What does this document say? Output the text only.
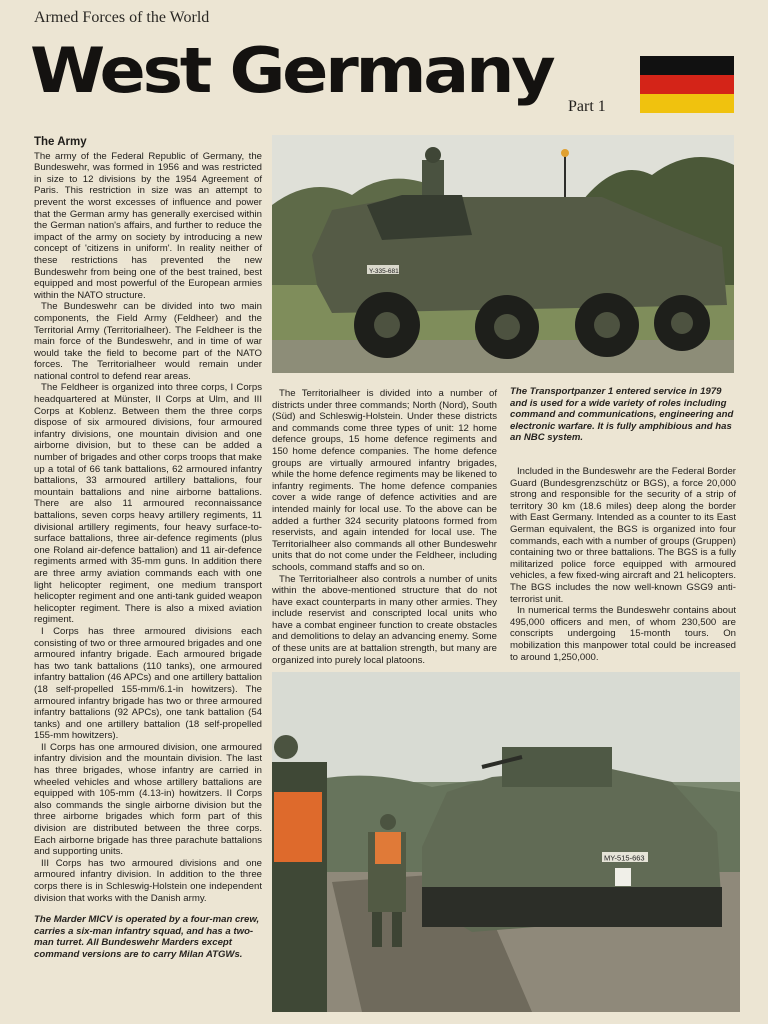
Armed Forces of the World
West Germany Part 1
Y-335-681
The Transportpanzer 1 entered service in 1979 and is used for a wide variety of roles including command and communications, engineering and electronic warfare. It is fully amphibious and has an NBC system.
The Army

The army of the Federal Republic of Germany, the Bundeswehr, was formed in 1956 and was restricted in size to 12 divisions by the 1954 Agreement of Paris. This restriction in size was an attempt to prevent the worst excesses of influence and power that the German army has generally exercised within the German nation's affairs, and further to reduce the impact of the army on society by introducing a new concept of 'citizens in uniform'. In reality neither of these restrictions has prevented the new Bundeswehr from being one of the best trained, best equipped and most powerful of the European armies within the NATO structure.

The Bundeswehr can be divided into two main components, the Field Army (Feldheer) and the Territorial Army (Territorialheer). The Feldheer is the main force of the Bundeswehr, and in time of war would take the field to become part of the NATO forces. The Territorialheer would remain under national control to defend rear areas.

The Feldheer is organized into three corps, I Corps headquartered at Münster, II Corps at Ulm, and III Corps at Koblenz. Between them the three corps dispose of six armoured divisions, four armoured infantry divisions, one mountain division and one airborne division, but to these can be added a number of brigades and other corps troops that make up a total of 66 tank battalions, 62 armoured infantry battalions, 33 armoured artillery battalions, four mountain battalions and nine airborne battalions. There are also 11 armoured reconnaissance battalions, seven corps heavy artillery regiments, 11 divisional artillery regiments, four heavy surface-to-surface battalions, three air-defence regiments (plus one Roland air-defence battalion) and 11 air-defence regiments armed with 35-mm guns. In addition there are three army aviation commands each with one light helicopter regiment, one medium transport helicopter regiment and one anti-tank guided weapon helicopter regiment. There is also a mixed aviation regiment.

I Corps has three armoured divisions each consisting of two or three armoured brigades and one armoured infantry brigade. Each armoured brigade has two tank battalions (110 tanks), one armoured infantry battalion (46 APCs) and one artillery battalion (18 self-propelled 155-mm/6.1-in howitzers). The armoured infantry brigade has two or three armoured infantry battalions (92 APCs), one tank battalion (54 tanks) and one artillery battalion (18 self-propelled 155-mm howitzers).

II Corps has one armoured division, one armoured infantry division and the mountain division. The last has three brigades, whose infantry are carried in wheeled vehicles and whose artillery battalions are equipped with 105-mm (4.13-in) howitzers. II Corps also commands the single airborne division but the three airborne brigades which form part of this division are distributed between the three corps. Each airborne brigade has three parachute battalions and supporting units.

III Corps has two armoured divisions and one armoured infantry division. In addition to the three corps there is in Schleswig-Holstein one independent division that works with the Danish army.

The Territorialheer is divided into a number of districts under three commands; North (Nord), South (Süd) and Schleswig-Holstein. Under these districts and commands come three types of unit: 12 home defence groups, 15 home defence regiments and 150 home defence companies. The home defence groups are virtually armoured infantry brigades, while the home defence regiments may be likened to infantry regiments. The home defence companies cover a wide range of defence activities and are intended mainly for local use. To the above can be added a further 324 security platoons formed from reservists, and again intended for local use. The Territorialheer also commands all other Bundeswehr units that do not come under the Feldheer, including schools, command staffs and so on.

The Territorialheer also controls a number of units within the above-mentioned structure that do not have exact counterparts in many other armies. They include reservist and conscripted local units who have a combat engineer function to create obstacles and demolitions to delay an advancing enemy. Some of these units are at battalion strength, but many are organized into purely local platoons.

Included in the Bundeswehr are the Federal Border Guard (Bundesgrenzschütz or BGS), a force 20,000 strong and responsible for the security of a strip of territory 30 km (18.6 miles) deep along the border with East Germany. Intended as a counter to its East German equivalent, the BGS is organized into four commands, each with a number of groups (Gruppen) containing two or three battalions. The BGS is a fully militarized police force equipped with armoured vehicles, a few fixed-wing aircraft and 21 helicopters. The BGS includes the now well-known GSG9 anti-terrorist unit.

In numerical terms the Bundeswehr contains about 495,000 officers and men, of whom 230,500 are conscripts undergoing 15-month tours. On mobilization this manpower total could be increased to around 1,250,000.

MY-515-663
The Marder MICV is operated by a four-man crew, carries a six-man infantry squad, and has a two-man turret. All Bundeswehr Marders except command versions are to carry Milan ATGWs.
